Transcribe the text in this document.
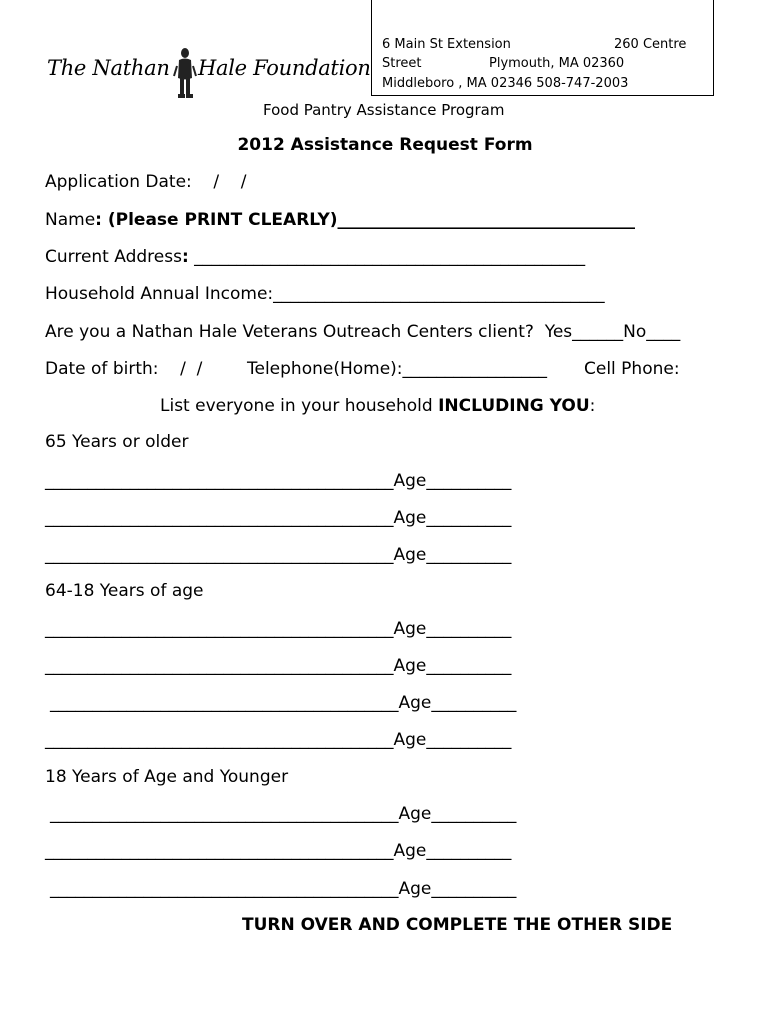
6 Main St Extension	260 Centre
Street	Plymouth, MA 02360
Middleboro , MA 02346 508-747-2003
The Nathan Hale Foundation
Food Pantry Assistance Program
2012 Assistance Request Form
Application Date:    /    /
Name: (Please PRINT CLEARLY)___________________________________
Current Address: ______________________________________________
Household Annual Income:_______________________________________
Are you a Nathan Hale Veterans Outreach Centers client?  Yes______No____
Date of birth:    /  /	Telephone(Home):_________________ Cell Phone:
List everyone in your household INCLUDING YOU:
65 Years or older
_________________________________________Age__________
_________________________________________Age__________
_________________________________________Age__________
64-18 Years of age
_________________________________________Age__________
_________________________________________Age__________
_________________________________________Age__________
_________________________________________Age__________
18 Years of Age and Younger
_________________________________________Age__________
_________________________________________Age__________
_________________________________________Age__________
TURN OVER AND COMPLETE THE OTHER SIDE
